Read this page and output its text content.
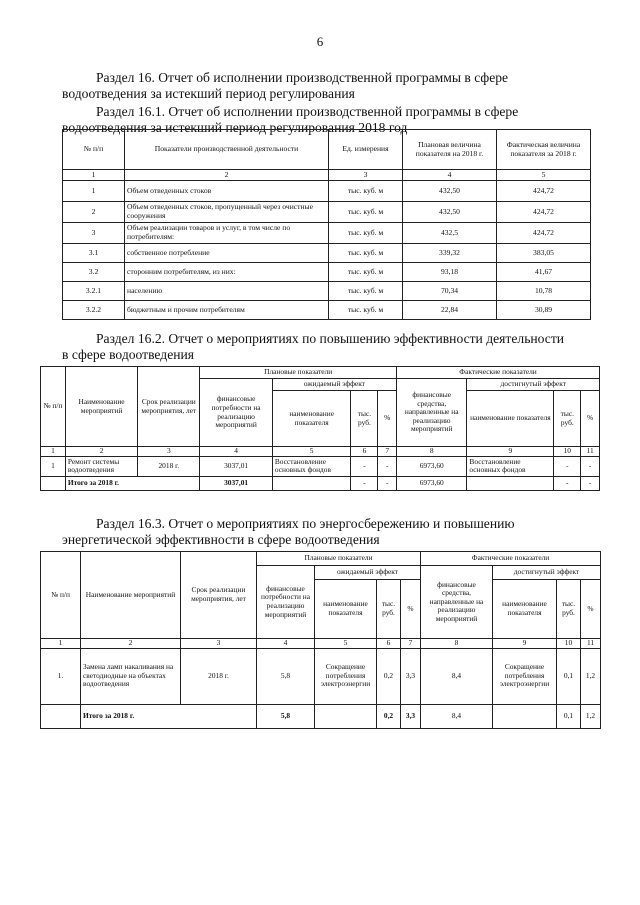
6
Раздел 16. Отчет об исполнении производственной программы в сфере
водоотведения за истекший период регулирования
Раздел 16.1. Отчет об исполнении производственной программы в сфере
водоотведения за истекший период регулирования 2018 год
№ п/п	Показатели производственной деятельности	Ед. измерения	Плановая величина показателя на 2018 г.	Фактическая величина показателя за 2018 г.
1	2	3	4	5
1	Объем отведенных стоков	тыс. куб. м	432,50	424,72
2	Объем отведенных стоков, пропущенный через очистные сооружения	тыс. куб. м	432,50	424,72
3	Объем реализации товаров и услуг, в том числе по потребителям:	тыс. куб. м	432,5	424,72
3.1	собственное потребление	тыс. куб. м	339,32	383,05
3.2	сторонним потребителям, из них:	тыс. куб. м	93,18	41,67
3.2.1	населению	тыс. куб. м	70,34	10,78
3.2.2	бюджетным и прочим потребителям	тыс. куб. м	22,84	30,89
Раздел 16.2. Отчет о мероприятиях по повышению эффективности деятельности
в сфере водоотведения
№ п/п	Наименование мероприятий	Срок реализации мероприятия, лет	Плановые показатели				Фактические показатели			
			финансовые потребности на реализацию мероприятий	ожидаемый эффект			финансовые средства, направленные на реализацию мероприятий	достигнутый эффект		
				наименование показателя	тыс. руб.	%		наименование показателя	тыс. руб.	%
1	2	3	4	5	6	7	8	9	10	11
1	Ремонт системы водоотведения	2018 г.	3037,01	Восстановление основных фондов	-	-	6973,60	Восстановление основных фондов	-	-
	Итого за 2018 г.		3037,01		-	-	6973,60		-	-
Раздел 16.3. Отчет о мероприятиях по энергосбережению и повышению
энергетической эффективности в сфере водоотведения
№ п/п	Наименование мероприятий	Срок реализации мероприятия, лет	Плановые показатели				Фактические показатели			
			финансовые потребности на реализацию мероприятий	ожидаемый эффект			финансовые средства, направленные на реализацию мероприятий	достигнутый эффект		
				наименование показателя	тыс. руб.	%		наименование показателя	тыс. руб.	%
1	2	3	4	5	6	7	8	9	10	11
1.	Замена ламп накаливания на светодиодные на объектах водоотведения	2018 г.	5,8	Сокращение потребления электроэнергии	0,2	3,3	8,4	Сокращение потребления электроэнергии	0,1	1,2
	Итого за 2018 г.		5,8		0,2	3,3	8,4		0,1	1,2
